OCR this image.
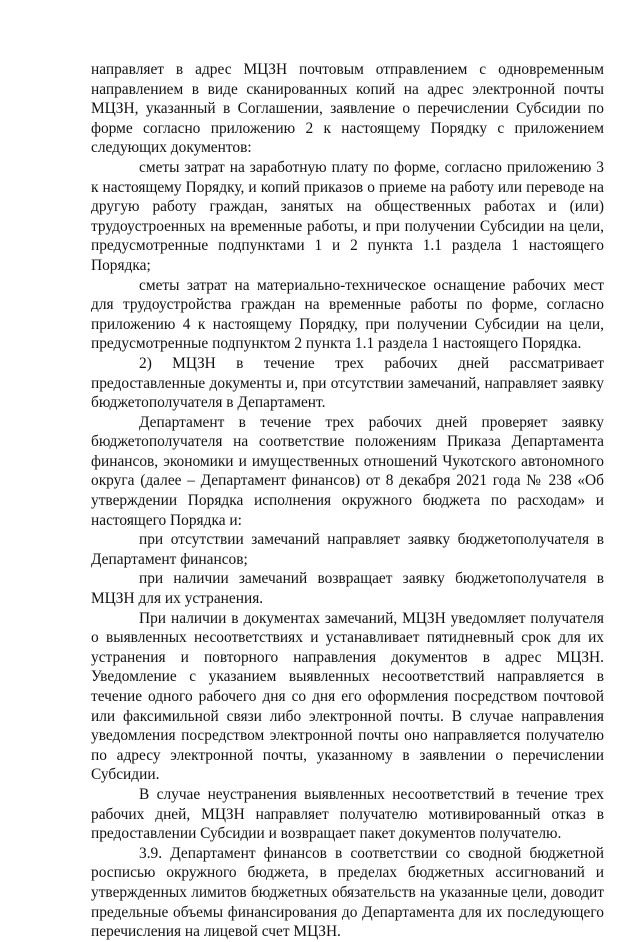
направляет в адрес МЦЗН почтовым отправлением с одновременным направлением в виде сканированных копий на адрес электронной почты МЦЗН, указанный в Соглашении, заявление о перечислении Субсидии по форме согласно приложению 2 к настоящему Порядку с приложением следующих документов:

сметы затрат на заработную плату по форме, согласно приложению 3 к настоящему Порядку, и копий приказов о приеме на работу или переводе на другую работу граждан, занятых на общественных работах и (или) трудоустроенных на временные работы, и при получении Субсидии на цели, предусмотренные подпунктами 1 и 2 пункта 1.1 раздела 1 настоящего Порядка;

сметы затрат на материально-техническое оснащение рабочих мест для трудоустройства граждан на временные работы по форме, согласно приложению 4 к настоящему Порядку, при получении Субсидии на цели, предусмотренные подпунктом 2 пункта 1.1 раздела 1 настоящего Порядка.

2) МЦЗН в течение трех рабочих дней рассматривает предоставленные документы и, при отсутствии замечаний, направляет заявку бюджетополучателя в Департамент.

Департамент в течение трех рабочих дней проверяет заявку бюджетополучателя на соответствие положениям Приказа Департамента финансов, экономики и имущественных отношений Чукотского автономного округа (далее – Департамент финансов) от 8 декабря 2021 года № 238 «Об утверждении Порядка исполнения окружного бюджета по расходам» и настоящего Порядка и:

при отсутствии замечаний направляет заявку бюджетополучателя в Департамент финансов;

при наличии замечаний возвращает заявку бюджетополучателя в МЦЗН для их устранения.

При наличии в документах замечаний, МЦЗН уведомляет получателя о выявленных несоответствиях и устанавливает пятидневный срок для их устранения и повторного направления документов в адрес МЦЗН. Уведомление с указанием выявленных несоответствий направляется в течение одного рабочего дня со дня его оформления посредством почтовой или факсимильной связи либо электронной почты. В случае направления уведомления посредством электронной почты оно направляется получателю по адресу электронной почты, указанному в заявлении о перечислении Субсидии.

В случае неустранения выявленных несоответствий в течение трех рабочих дней, МЦЗН направляет получателю мотивированный отказ в предоставлении Субсидии и возвращает пакет документов получателю.

3.9. Департамент финансов в соответствии со сводной бюджетной росписью окружного бюджета, в пределах бюджетных ассигнований и утвержденных лимитов бюджетных обязательств на указанные цели, доводит предельные объемы финансирования до Департамента для их последующего перечисления на лицевой счет МЦЗН.
